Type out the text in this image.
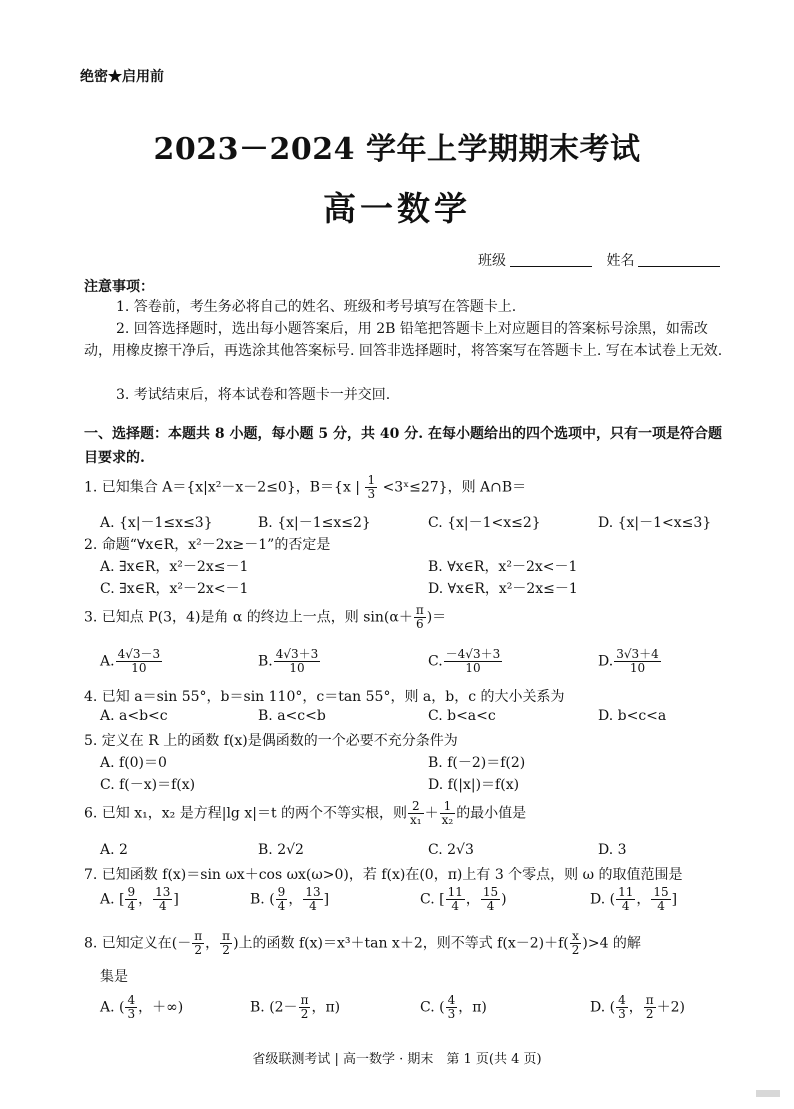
绝密★启用前
2023－2024 学年上学期期末考试
高一数学
班级	姓名
注意事项：
1. 答卷前，考生务必将自己的姓名、班级和考号填写在答题卡上.
2. 回答选择题时，选出每小题答案后，用 2B 铅笔把答题卡上对应题目的答案标号涂黑，如需改动，用橡皮擦干净后，再选涂其他答案标号. 回答非选择题时，将答案写在答题卡上. 写在本试卷上无效.
3. 考试结束后，将本试卷和答题卡一并交回.
一、选择题：本题共 8 小题，每小题 5 分，共 40 分. 在每小题给出的四个选项中，只有一项是符合题目要求的.
1. 已知集合 A＝{x|x²－x－2≤0}，B＝{x | $\frac{1}{3}$ <3ˣ≤27}，则 A∩B＝
A. {x|－1≤x≤3}	B. {x|－1≤x≤2}	C. {x|－1<x≤2}	D. {x|－1<x≤3}
2. 命题“∀x∈R，x²－2x≥－1”的否定是
A. ∃x∈R，x²－2x≤－1	B. ∀x∈R，x²－2x<－1
C. ∃x∈R，x²－2x<－1	D. ∀x∈R，x²－2x≤－1
3. 已知点 P(3，4)是角 α 的终边上一点，则 $\sin(\alpha+ \frac{\pi}{6}$ )＝
A. $\frac{4√3-3}{10}$	B. $\frac{4√3+3}{10}$	C. $\frac{-4√3+3}{10}$	D. $\frac{3√3+4}{10}$
4. 已知 a＝sin 55°，b＝sin 110°，c＝tan 55°，则 a，b，c 的大小关系为
A. a<b<c	B. a<c<b	C. b<a<c	D. b<c<a
5. 定义在 R 上的函数 f(x)是偶函数的一个必要不充分条件为
A. f(0)＝0	B. f(－2)＝f(2)
C. f(－x)＝f(x)	D. f(|x|)＝f(x)
6. 已知 x₁，x₂ 是方程|lg x|＝t 的两个不等实根，则 $\frac{2}{\text{x₁}} + \frac{1}{\text{x₂}}$ 的最小值是
A. 2	B. 2√2	C. 2√3	D. 3
7. 已知函数 f(x)＝sin ωx＋cos ωx(ω>0)，若 f(x)在(0，π)上有 3 个零点，则 ω 的取值范围是
A. [ $\frac{9}{4}$ ， $\frac{13}{4}$ ]	B. ( $\frac{9}{4}$ ， $\frac{13}{4}$ ]	C. [ $\frac{11}{4}$ ， $\frac{15}{4}$ )	D. ( $\frac{11}{4}$ ， $\frac{15}{4}$ ]
8. 已知定义在(－ $\frac{\pi}{2}$ ， $\frac{\pi}{2}$ )上的函数 f(x)＝x³＋tan x＋2，则不等式 $f(x-2)+f( \frac{x}{2} )>4$ 的解
集是
A. ( $\frac{4}{3}$ ，＋∞)	B. ($2- \frac{\pi}{2}$ ，π)	C. ( $\frac{4}{3}$ ，π)	D. ( $\frac{4}{3}$ ， $\frac{\pi}{2} +2$)
省级联测考试 | 高一数学 · 期末　第 1 页(共 4 页)
